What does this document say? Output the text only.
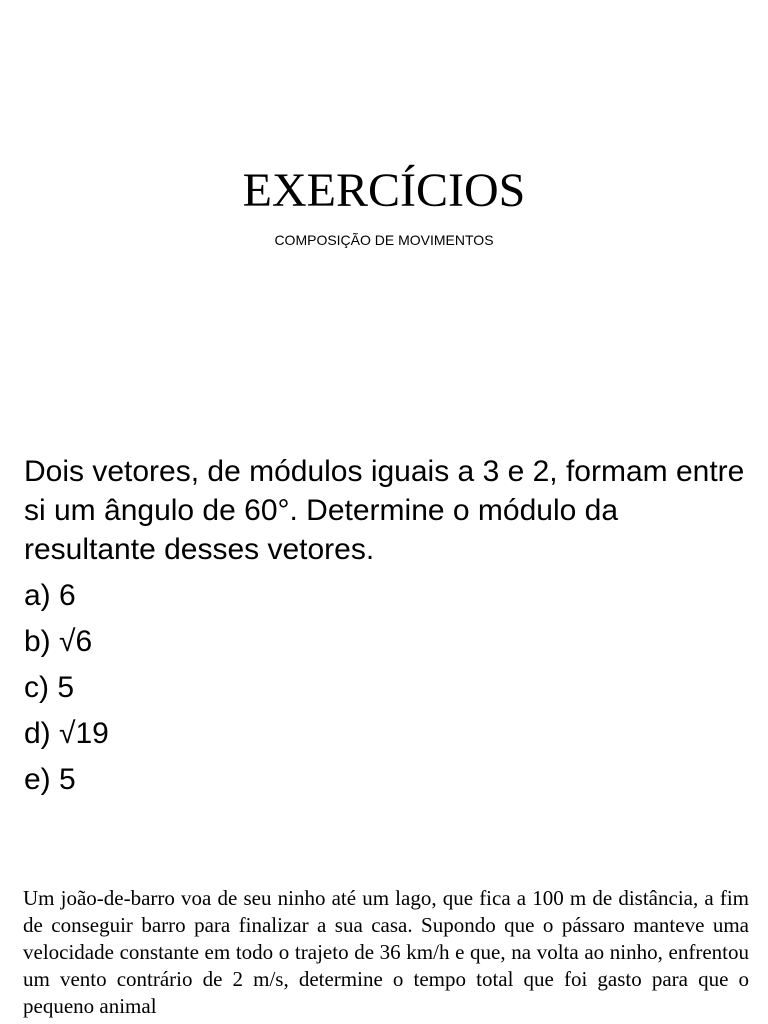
EXERCÍCIOS
COMPOSIÇÃO DE MOVIMENTOS

Dois vetores, de módulos iguais a 3 e 2, formam entre si um ângulo de 60°. Determine o módulo da resultante desses vetores.

a) 6
b) √6
c) 5
d) √19
e) 5

Um joão-de-barro voa de seu ninho até um lago, que fica a 100 m de distância, a fim de conseguir barro para finalizar a sua casa. Supondo que o pássaro manteve uma velocidade constante em todo o trajeto de 36 km/h e que, na volta ao ninho, enfrentou um vento contrário de 2 m/s, determine o tempo total que foi gasto para que o pequeno animal
